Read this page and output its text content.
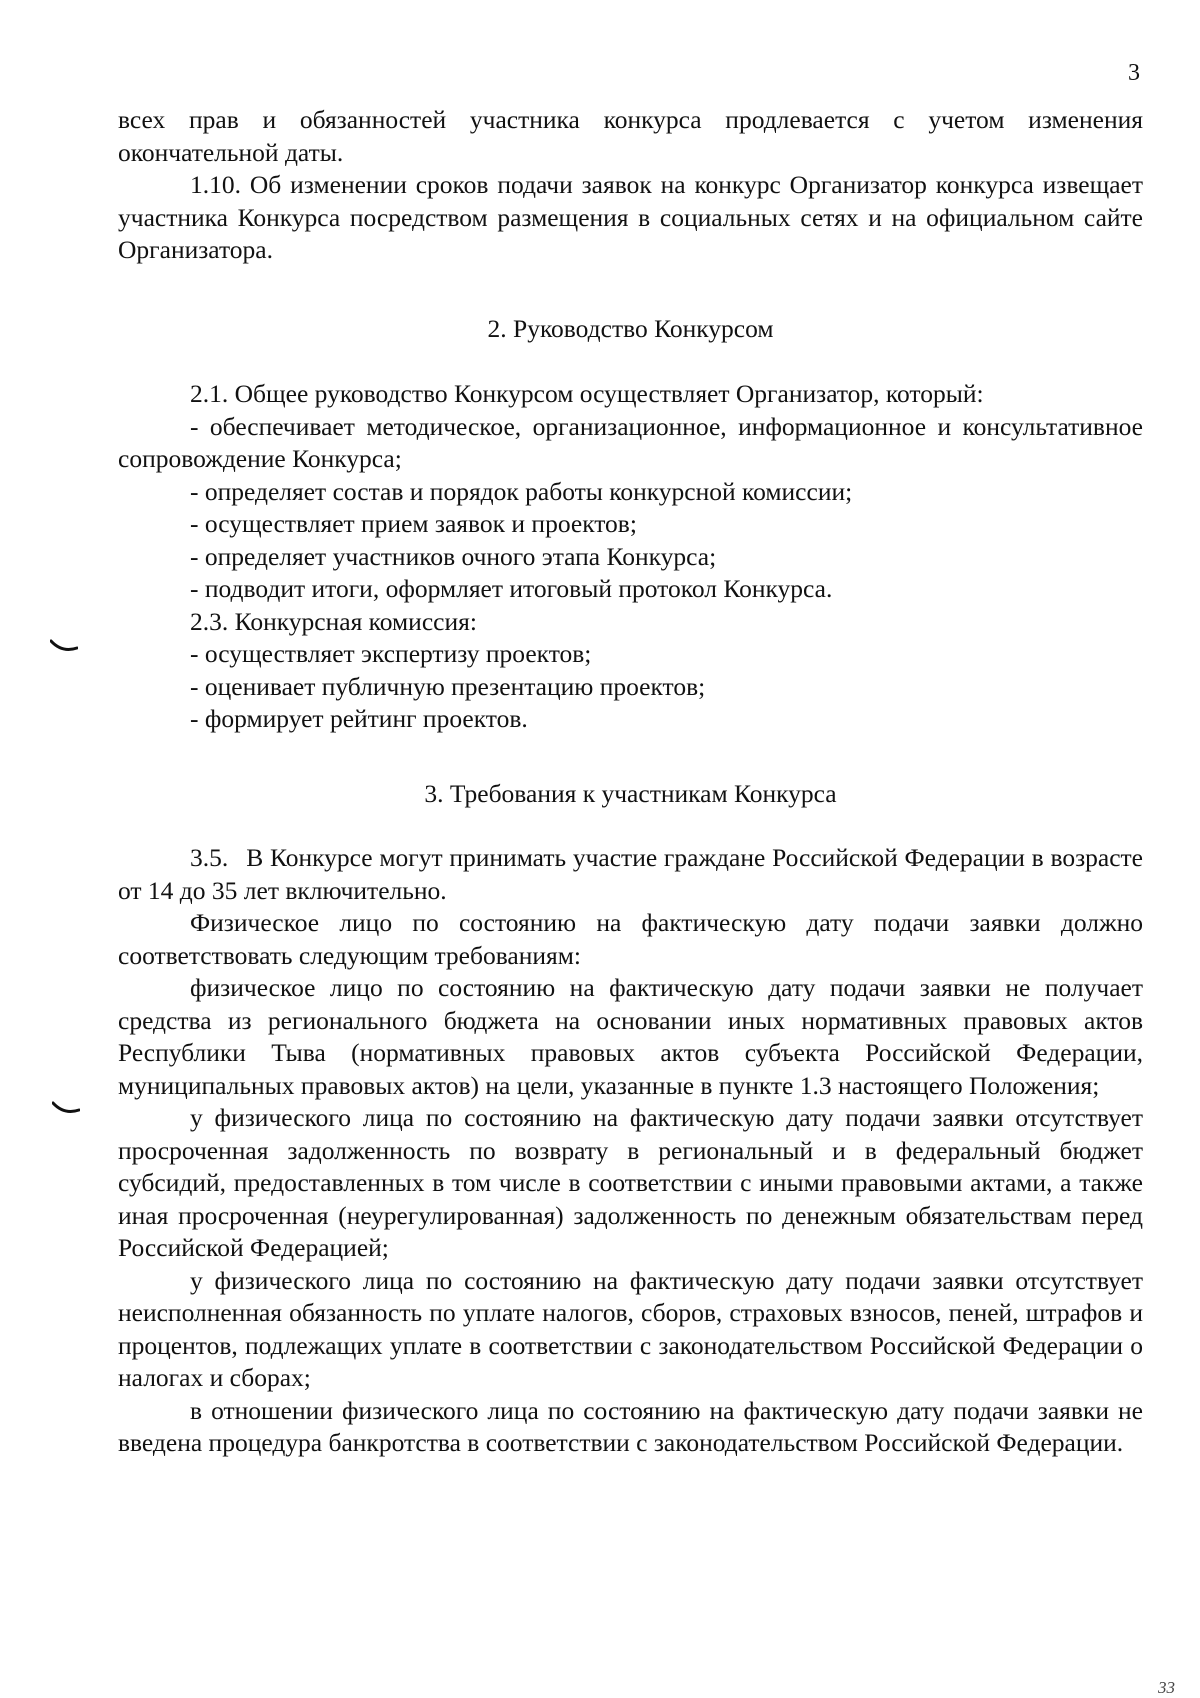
3

всех прав и обязанностей участника конкурса продлевается с учетом изменения окончательной даты.

1.10. Об изменении сроков подачи заявок на конкурс Организатор конкурса извещает участника Конкурса посредством размещения в социальных сетях и на официальном сайте Организатора.

2. Руководство Конкурсом

2.1. Общее руководство Конкурсом осуществляет Организатор, который:

- обеспечивает методическое, организационное, информационное и консультативное сопровождение Конкурса;

- определяет состав и порядок работы конкурсной комиссии;

- осуществляет прием заявок и проектов;

- определяет участников очного этапа Конкурса;

- подводит итоги, оформляет итоговый протокол Конкурса.

2.3. Конкурсная комиссия:

- осуществляет экспертизу проектов;

- оценивает публичную презентацию проектов;

- формирует рейтинг проектов.

3. Требования к участникам Конкурса

3.5. В Конкурсе могут принимать участие граждане Российской Федерации в возрасте от 14 до 35 лет включительно.

Физическое лицо по состоянию на фактическую дату подачи заявки должно соответствовать следующим требованиям:

физическое лицо по состоянию на фактическую дату подачи заявки не получает средства из регионального бюджета на основании иных нормативных правовых актов Республики Тыва (нормативных правовых актов субъекта Российской Федерации, муниципальных правовых актов) на цели, указанные в пункте 1.3 настоящего Положения;

у физического лица по состоянию на фактическую дату подачи заявки отсутствует просроченная задолженность по возврату в региональный и в федеральный бюджет субсидий, предоставленных в том числе в соответствии с иными правовыми актами, а также иная просроченная (неурегулированная) задолженность по денежным обязательствам перед Российской Федерацией;

у физического лица по состоянию на фактическую дату подачи заявки отсутствует неисполненная обязанность по уплате налогов, сборов, страховых взносов, пеней, штрафов и процентов, подлежащих уплате в соответствии с законодательством Российской Федерации о налогах и сборах;

в отношении физического лица по состоянию на фактическую дату подачи заявки не введена процедура банкротства в соответствии с законодательством Российской Федерации.

33
